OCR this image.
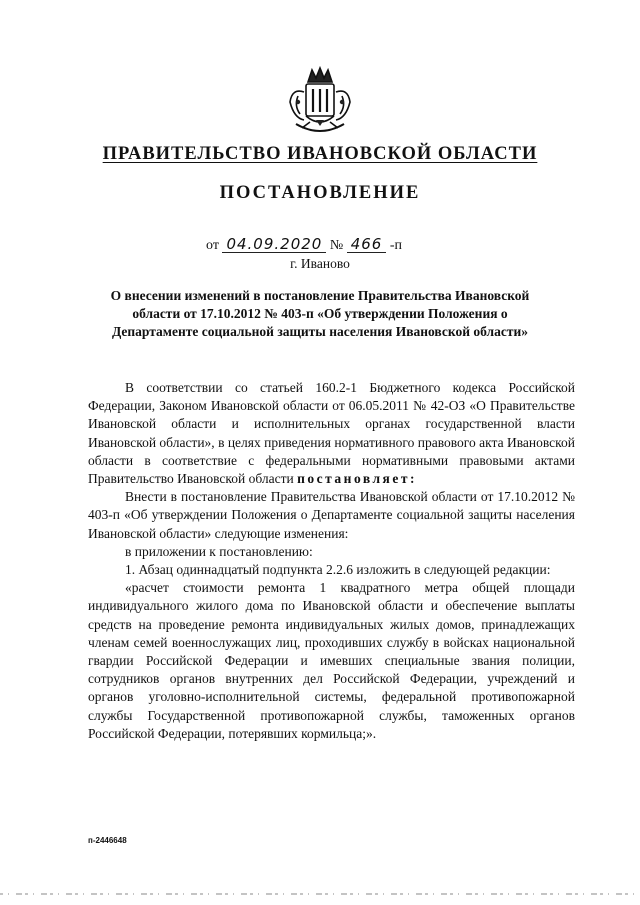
ПРАВИТЕЛЬСТВО ИВАНОВСКОЙ ОБЛАСТИ
ПОСТАНОВЛЕНИЕ
от 04.09.2020 № 466 -п
г. Иваново
О внесении изменений в постановление Правительства Ивановской области от 17.10.2012 № 403-п «Об утверждении Положения о Департаменте социальной защиты населения Ивановской области»

В соответствии со статьей 160.2-1 Бюджетного кодекса Российской Федерации, Законом Ивановской области от 06.05.2011 № 42-ОЗ «О Правительстве Ивановской области и исполнительных органах государственной власти Ивановской области», в целях приведения нормативного правового акта Ивановской области в соответствие с федеральными нормативными правовыми актами Правительство Ивановской области постановляет:

Внести в постановление Правительства Ивановской области от 17.10.2012 № 403-п «Об утверждении Положения о Департаменте социальной защиты населения Ивановской области» следующие изменения:

в приложении к постановлению:

1. Абзац одиннадцатый подпункта 2.2.6 изложить в следующей редакции:

«расчет стоимости ремонта 1 квадратного метра общей площади индивидуального жилого дома по Ивановской области и обеспечение выплаты средств на проведение ремонта индивидуальных жилых домов, принадлежащих членам семей военнослужащих лиц, проходивших службу в войсках национальной гвардии Российской Федерации и имевших специальные звания полиции, сотрудников органов внутренних дел Российской Федерации, учреждений и органов уголовно-исполнительной системы, федеральной противопожарной службы Государственной противопожарной службы, таможенных органов Российской Федерации, потерявших кормильца;».

п-2446648
